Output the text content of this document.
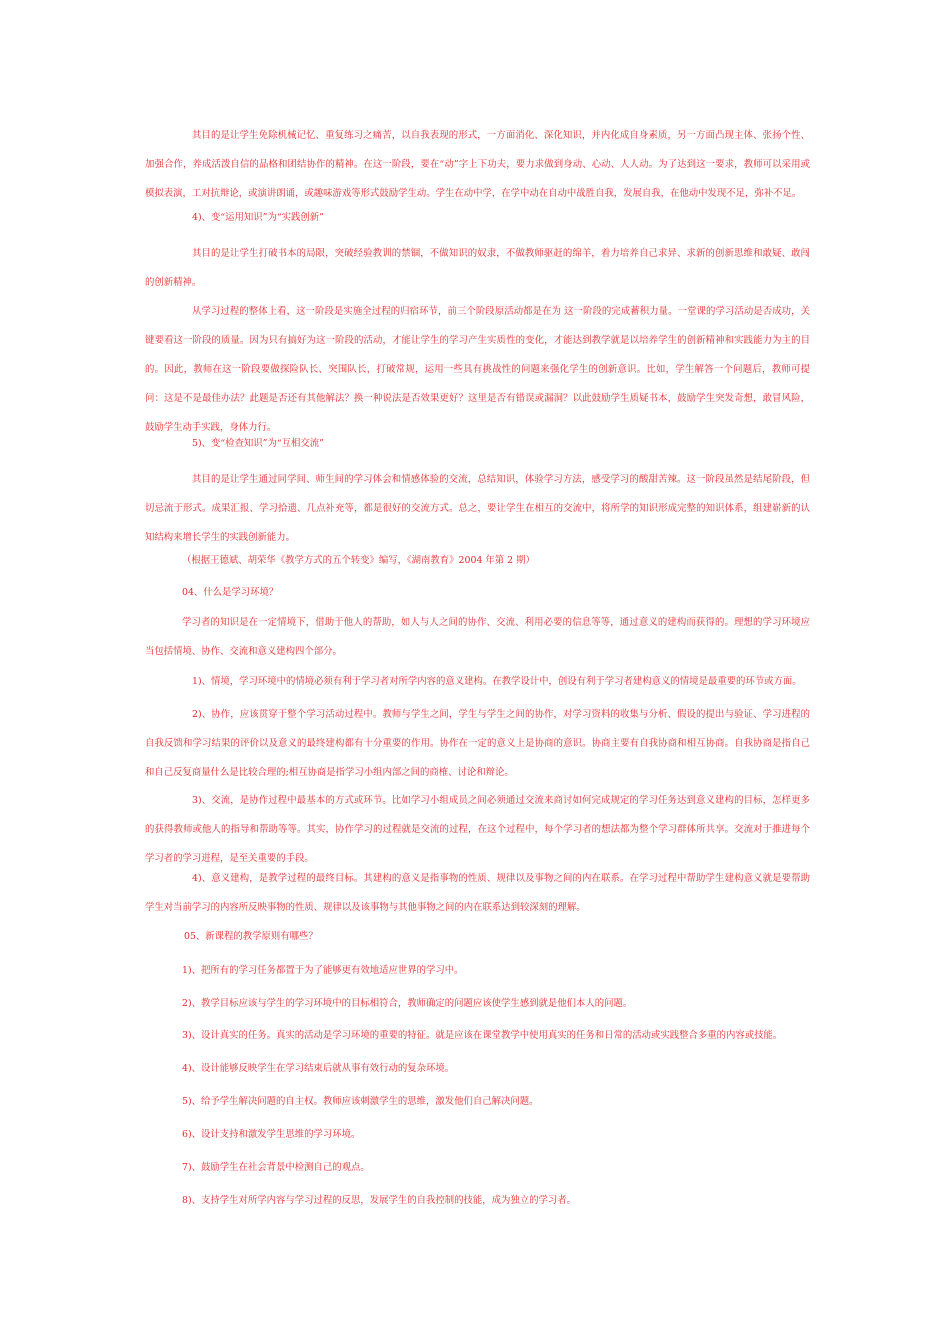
其目的是让学生免除机械记忆、重复练习之痛苦，以自我表现的形式，一方面消化、深化知识，并内化成自身素质，另一方面凸现主体、张扬个性、加强合作，养成活泼自信的品格和团结协作的精神。在这一阶段，要在“动”字上下功夫，要力求做到身动、心动、人人动。为了达到这一要求，教师可以采用或模拟表演，工对抗辩论，或演讲朗诵，或趣味游戏等形式鼓励学生动。学生在动中学，在学中动在自动中战胜自我，发展自我，在他动中发现不足，弥补不足。

4)、变“运用知识”为“实践创新”

其目的是让学生打破书本的局限，突破经验教训的禁锢，不做知识的奴隶，不做教师驱赶的绵羊，着力培养自己求异、求新的创新思维和敢疑、敢闯的创新精神。

从学习过程的整体上看，这一阶段是实施全过程的归宿环节，前三个阶段原活动都是在为 这一阶段的完成蓄积力量。一堂课的学习活动是否成功，关键要看这一阶段的质量。因为只有搞好为这一阶段的活动，才能让学生的学习产生实质性的变化，才能达到教学就是以培养学生的创新精神和实践能力为主的目的。因此，教师在这一阶段要做探险队长、突围队长，打破常规，运用一些具有挑战性的问题来强化学生的创新意识。比如，学生解答一个问题后，教师可提问：这是不是最佳办法？此题是否还有其他解法？换一种说法是否效果更好？这里是否有错误或漏洞？以此鼓励学生质疑书本，鼓励学生突发奇想，敢冒风险，鼓励学生动手实践，身体力行。

5)、变“检查知识”为“互相交流”

其目的是让学生通过同学间、师生间的学习体会和情感体验的交流，总结知识，体验学习方法，感受学习的酸甜苦辣。这一阶段虽然是结尾阶段，但切忌流于形式。成果汇报、学习拾遗、几点补充等，都是很好的交流方式。总之，要让学生在相互的交流中，将所学的知识形成完整的知识体系，组建崭新的认知结构来增长学生的实践创新能力。

（根据王德斌、胡荣华《教学方式的五个转变》编写，《湖南教育》2004 年第 2 期）

04、什么是学习环境？

学习者的知识是在一定情境下，借助于他人的帮助，如人与人之间的协作、交流、利用必要的信息等等，通过意义的建构而获得的。理想的学习环境应当包括情境、协作、交流和意义建构四个部分。

1)、情境，学习环境中的情境必须有利于学习者对所学内容的意义建构。在教学设计中，创设有利于学习者建构意义的情境是最重要的环节或方面。

2)、协作，应该贯穿于整个学习活动过程中。教师与学生之间，学生与学生之间的协作，对学习资料的收集与分析、假设的提出与验证、学习进程的自我反馈和学习结果的评价以及意义的最终建构都有十分重要的作用。协作在一定的意义上是协商的意识。协商主要有自我协商和相互协商。自我协商是指自己和自己反复商量什么是比较合理的;相互协商是指学习小组内部之间的商榷、讨论和辩论。

3)、交流，是协作过程中最基本的方式或环节。比如学习小组成员之间必须通过交流来商讨如何完成规定的学习任务达到意义建构的目标，怎样更多的获得教师或他人的指导和帮助等等。其实，协作学习的过程就是交流的过程，在这个过程中，每个学习者的想法都为整个学习群体所共享。交流对于推进每个学习者的学习进程，是至关重要的手段。

4)、意义建构，是教学过程的最终目标。其建构的意义是指事物的性质、规律以及事物之间的内在联系。在学习过程中帮助学生建构意义就是要帮助学生对当前学习的内容所反映事物的性质、规律以及该事物与其他事物之间的内在联系达到较深刻的理解。

05、新课程的教学原则有哪些？

1)、把所有的学习任务都置于为了能够更有效地适应世界的学习中。

2)、教学目标应该与学生的学习环境中的目标相符合，教师确定的问题应该使学生感到就是他们本人的问题。

3)、设计真实的任务。真实的活动是学习环境的重要的特征。就是应该在课堂教学中使用真实的任务和日常的活动或实践整合多重的内容或技能。

4)、设计能够反映学生在学习结束后就从事有效行动的复杂环境。

5)、给予学生解决问题的自主权。教师应该刺激学生的思维，激发他们自己解决问题。

6)、设计支持和激发学生思维的学习环境。

7)、鼓励学生在社会背景中检测自己的观点。

8)、支持学生对所学内容与学习过程的反思，发展学生的自我控制的技能，成为独立的学习者。
